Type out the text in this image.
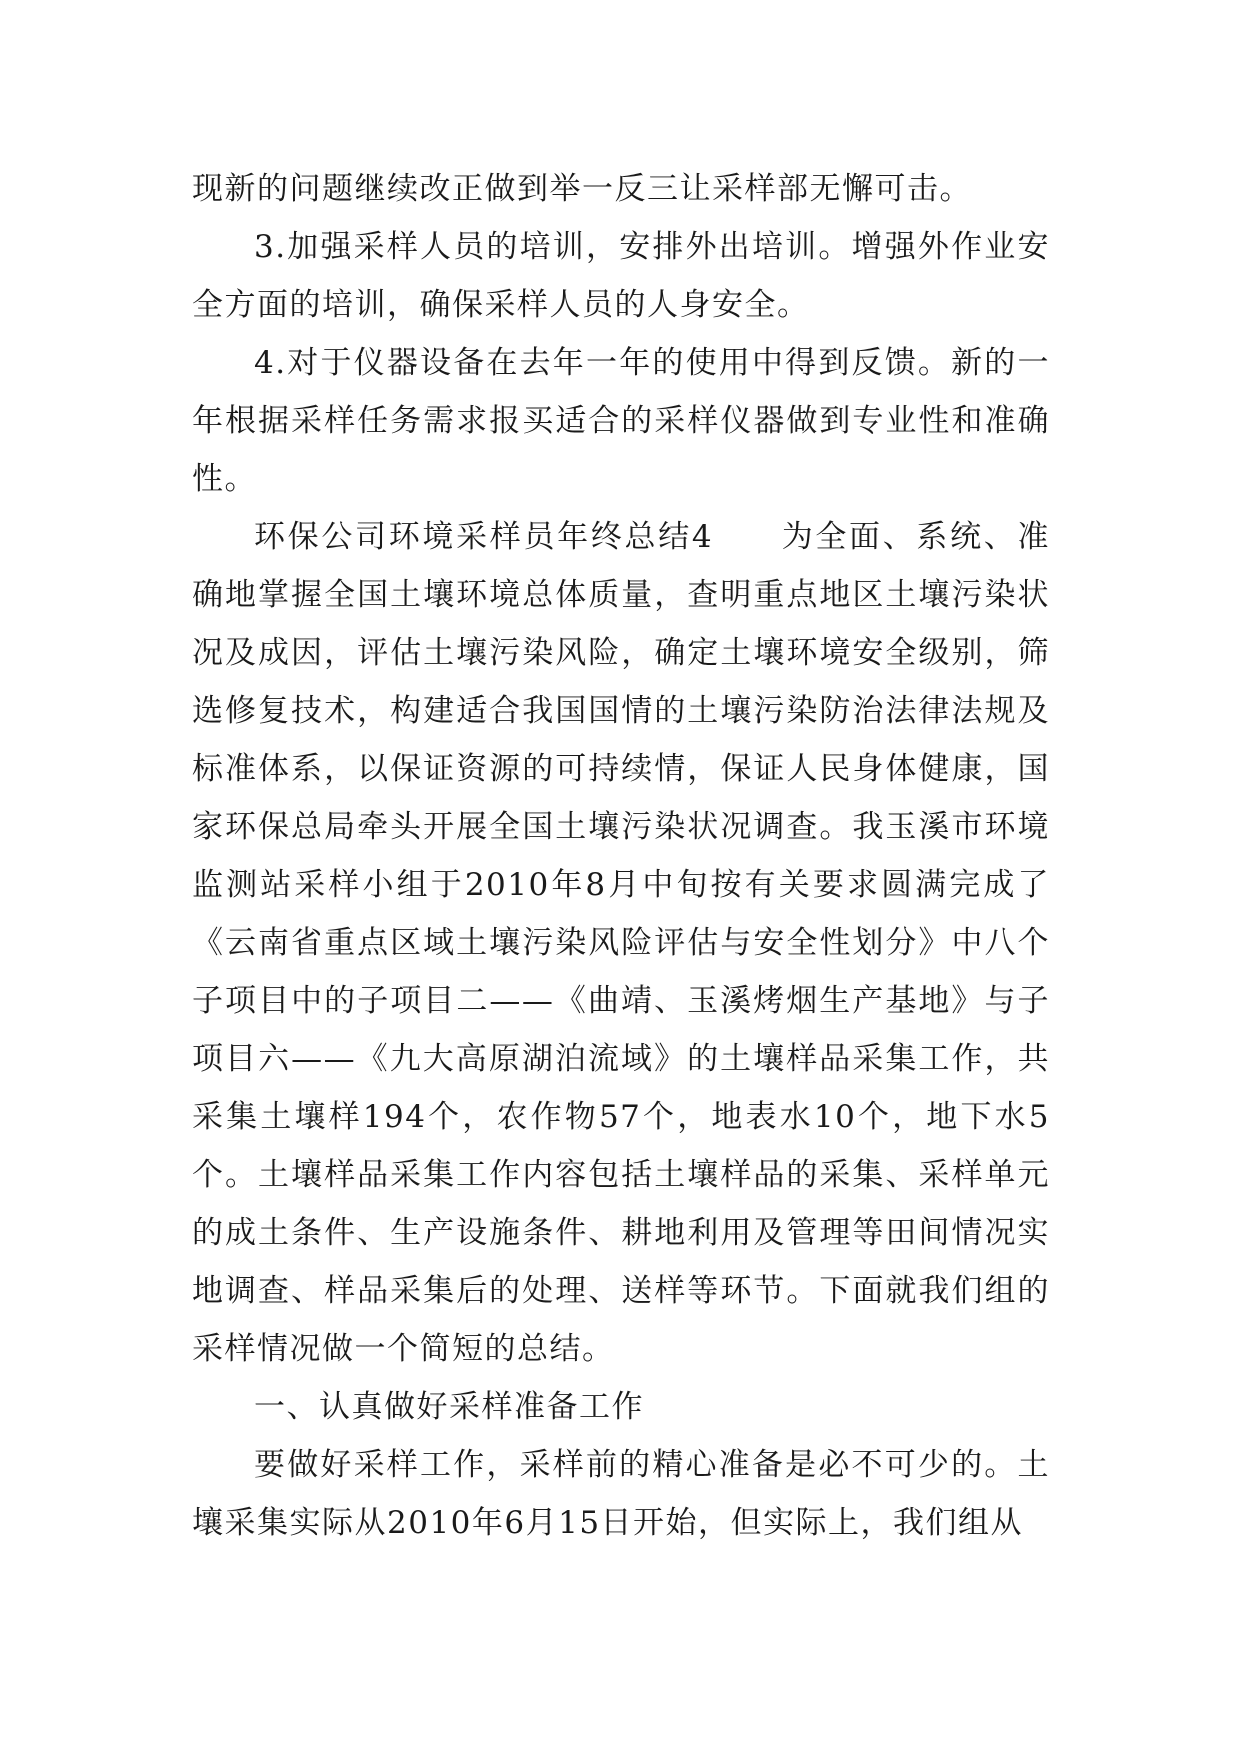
现新的问题继续改正做到举一反三让采样部无懈可击。

3.加强采样人员的培训，安排外出培训。增强外作业安全方面的培训，确保采样人员的人身安全。

4.对于仪器设备在去年一年的使用中得到反馈。新的一年根据采样任务需求报买适合的采样仪器做到专业性和准确性。

环保公司环境采样员年终总结4　　为全面、系统、准确地掌握全国土壤环境总体质量，查明重点地区土壤污染状况及成因，评估土壤污染风险，确定土壤环境安全级别，筛选修复技术，构建适合我国国情的土壤污染防治法律法规及标准体系，以保证资源的可持续情，保证人民身体健康，国家环保总局牵头开展全国土壤污染状况调查。我玉溪市环境监测站采样小组于2010年8月中旬按有关要求圆满完成了《云南省重点区域土壤污染风险评估与安全性划分》中八个子项目中的子项目二——《曲靖、玉溪烤烟生产基地》与子项目六——《九大高原湖泊流域》的土壤样品采集工作，共采集土壤样194个，农作物57个，地表水10个，地下水5个。土壤样品采集工作内容包括土壤样品的采集、采样单元的成土条件、生产设施条件、耕地利用及管理等田间情况实地调查、样品采集后的处理、送样等环节。下面就我们组的采样情况做一个简短的总结。

一、认真做好采样准备工作

要做好采样工作，采样前的精心准备是必不可少的。土壤采集实际从2010年6月15日开始，但实际上，我们组从
